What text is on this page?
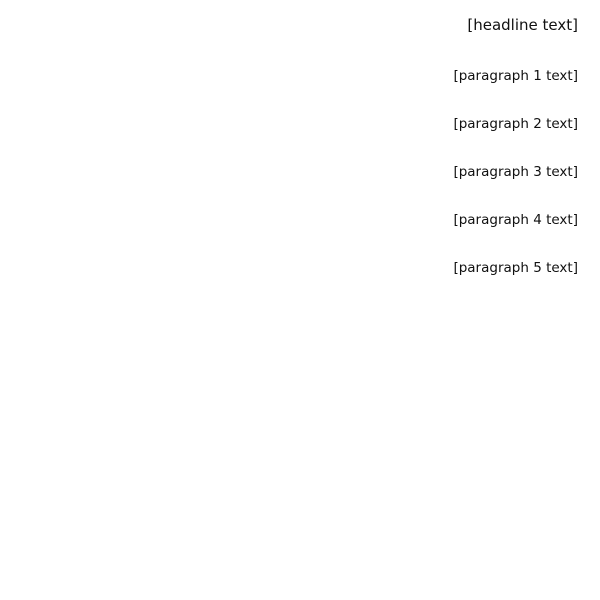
[headline text]

[paragraph 1 text]

[paragraph 2 text]

[paragraph 3 text]

[paragraph 4 text]

[paragraph 5 text]
